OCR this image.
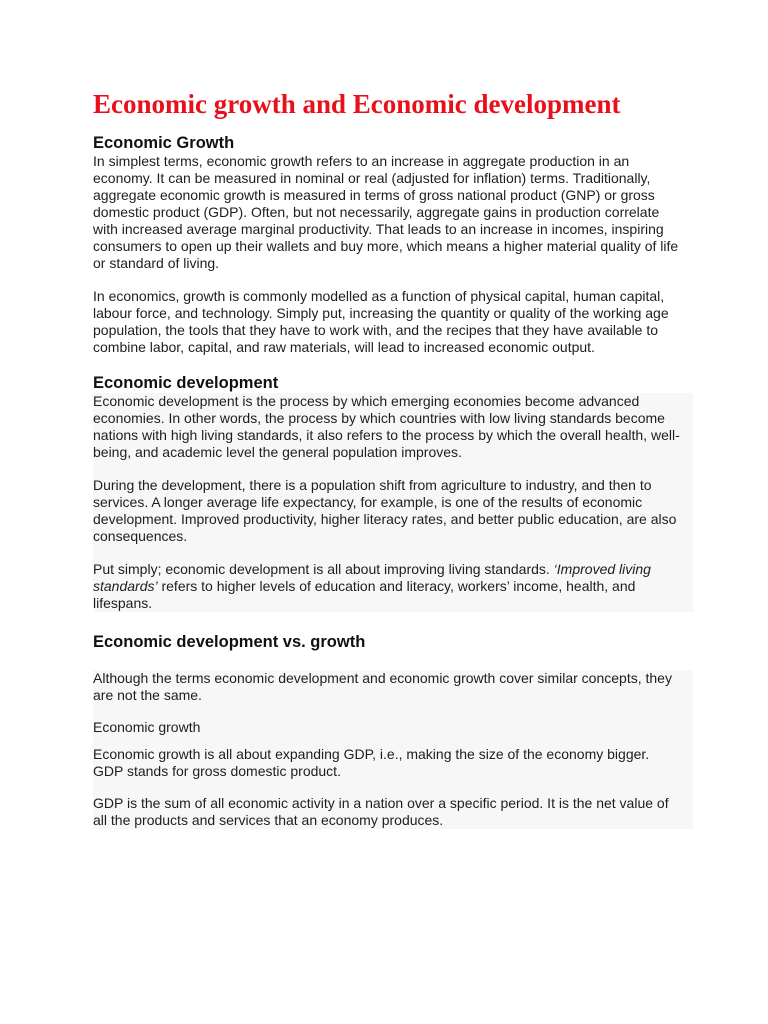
Economic growth and Economic development
Economic Growth

In simplest terms, economic growth refers to an increase in aggregate production in an economy. It can be measured in nominal or real (adjusted for inflation) terms. Traditionally, aggregate economic growth is measured in terms of gross national product (GNP) or gross domestic product (GDP). Often, but not necessarily, aggregate gains in production correlate with increased average marginal productivity. That leads to an increase in incomes, inspiring consumers to open up their wallets and buy more, which means a higher material quality of life or standard of living.

In economics, growth is commonly modelled as a function of physical capital, human capital, labour force, and technology. Simply put, increasing the quantity or quality of the working age population, the tools that they have to work with, and the recipes that they have available to combine labor, capital, and raw materials, will lead to increased economic output.

Economic development

Economic development is the process by which emerging economies become advanced economies. In other words, the process by which countries with low living standards become nations with high living standards, it also refers to the process by which the overall health, well-being, and academic level the general population improves.

During the development, there is a population shift from agriculture to industry, and then to services. A longer average life expectancy, for example, is one of the results of economic development. Improved productivity, higher literacy rates, and better public education, are also consequences.

Put simply; economic development is all about improving living standards. ‘Improved living standards’ refers to higher levels of education and literacy, workers’ income, health, and lifespans.

Economic development vs. growth

Although the terms economic development and economic growth cover similar concepts, they are not the same.

Economic growth

Economic growth is all about expanding GDP, i.e., making the size of the economy bigger. GDP stands for gross domestic product.

GDP is the sum of all economic activity in a nation over a specific period. It is the net value of all the products and services that an economy produces.
